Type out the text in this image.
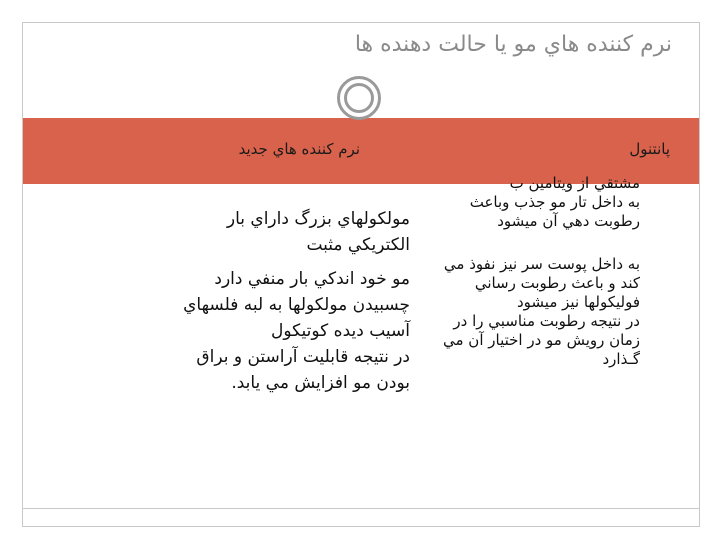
نرم كننده هاي مو يا حالت دهنده ها
نرم كننده هاي جديد	پانتنول
مولكولهاي بزرگ داراي بار
الكتريكي مثبت
مو خود اندكي بار منفي دارد
چسبيدن مولكولها به لبه فلسهاي
آسيب ديده كوتيكول
در نتيجه قابليت آراستن و براق
بودن مو افزايش مي يابد.
مشتقي از ويتامين ب
به داخل تار مو جذب وباعث
رطوبت دهي آن ميشود
به داخل پوست سر نيز نفوذ مي
كند و باعث رطوبت رساني
فوليكولها نيز ميشود
در نتيجه رطوبت مناسبي را در
زمان رويش مو در اختيار آن مي
گـذارد
